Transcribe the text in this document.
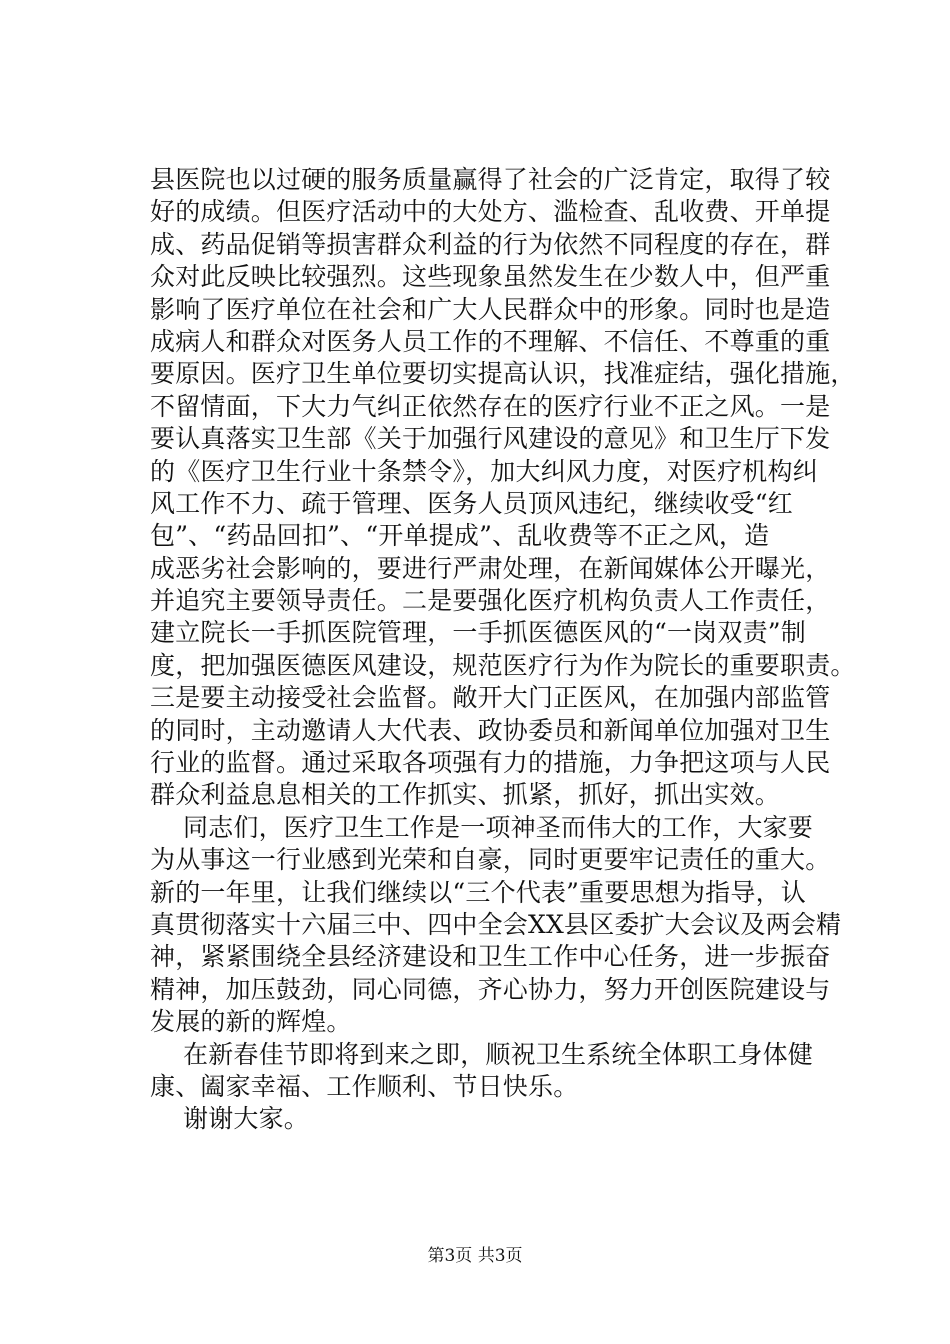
县医院也以过硬的服务质量赢得了社会的广泛肯定，取得了较
好的成绩。但医疗活动中的大处方、滥检查、乱收费、开单提
成、药品促销等损害群众利益的行为依然不同程度的存在，群
众对此反映比较强烈。这些现象虽然发生在少数人中，但严重
影响了医疗单位在社会和广大人民群众中的形象。同时也是造
成病人和群众对医务人员工作的不理解、不信任、不尊重的重
要原因。医疗卫生单位要切实提高认识，找准症结，强化措施，
不留情面，下大力气纠正依然存在的医疗行业不正之风。一是
要认真落实卫生部《关于加强行风建设的意见》和卫生厅下发
的《医疗卫生行业十条禁令》，加大纠风力度，对医疗机构纠
风工作不力、疏于管理、医务人员顶风违纪，继续收受“红
包”、“药品回扣”、“开单提成”、乱收费等不正之风，造
成恶劣社会影响的，要进行严肃处理，在新闻媒体公开曝光，
并追究主要领导责任。二是要强化医疗机构负责人工作责任，
建立院长一手抓医院管理，一手抓医德医风的“一岗双责”制
度，把加强医德医风建设，规范医疗行为作为院长的重要职责。
三是要主动接受社会监督。敞开大门正医风，在加强内部监管
的同时，主动邀请人大代表、政协委员和新闻单位加强对卫生
行业的监督。通过采取各项强有力的措施，力争把这项与人民
群众利益息息相关的工作抓实、抓紧，抓好，抓出实效。
同志们，医疗卫生工作是一项神圣而伟大的工作，大家要
为从事这一行业感到光荣和自豪，同时更要牢记责任的重大。
新的一年里，让我们继续以“三个代表”重要思想为指导，认
真贯彻落实十六届三中、四中全会XX县区委扩大会议及两会精
神，紧紧围绕全县经济建设和卫生工作中心任务，进一步振奋
精神，加压鼓劲，同心同德，齐心协力，努力开创医院建设与
发展的新的辉煌。
在新春佳节即将到来之即，顺祝卫生系统全体职工身体健
康、阖家幸福、工作顺利、节日快乐。
谢谢大家。
第3页 共3页
